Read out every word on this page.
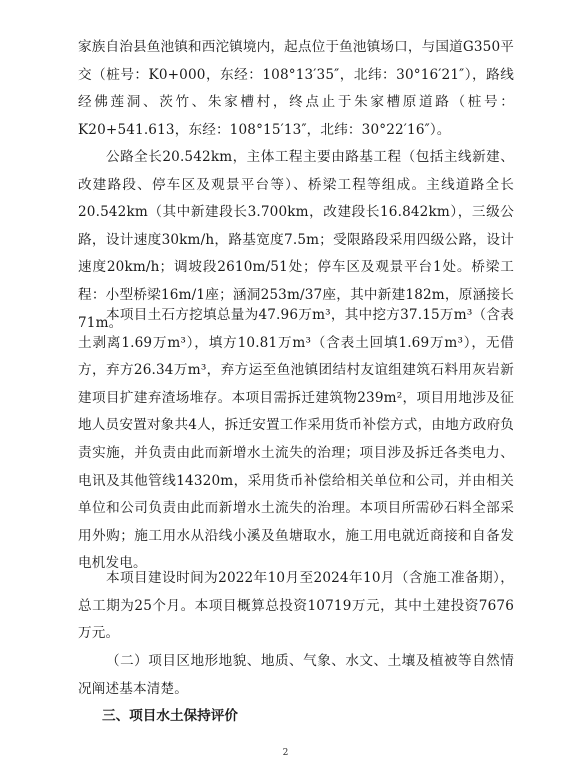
家族自治县鱼池镇和西沱镇境内，起点位于鱼池镇场口，与国道G350平交（桩号：K0+000，东经：108°13′35″，北纬：30°16′21″），路线经佛莲洞、茨竹、朱家槽村，终点止于朱家槽原道路（桩号：K20+541.613，东经：108°15′13″，北纬：30°22′16″）。

公路全长20.542km，主体工程主要由路基工程（包括主线新建、改建路段、停车区及观景平台等）、桥梁工程等组成。主线道路全长20.542km（其中新建段长3.700km，改建段长16.842km），三级公路，设计速度30km/h，路基宽度7.5m；受限路段采用四级公路，设计速度20km/h；调坡段2610m/51处；停车区及观景平台1处。桥梁工程：小型桥梁16m/1座；涵洞253m/37座，其中新建182m，原涵接长71m。

本项目土石方挖填总量为47.96万m³，其中挖方37.15万m³（含表土剥离1.69万m³），填方10.81万m³（含表土回填1.69万m³），无借方，弃方26.34万m³，弃方运至鱼池镇团结村友谊组建筑石料用灰岩新建项目扩建弃渣场堆存。本项目需拆迁建筑物239m²，项目用地涉及征地人员安置对象共4人，拆迁安置工作采用货币补偿方式，由地方政府负责实施，并负责由此而新增水土流失的治理；项目涉及拆迁各类电力、电讯及其他管线14320m，采用货币补偿给相关单位和公司，并由相关单位和公司负责由此而新增水土流失的治理。本项目所需砂石料全部采用外购；施工用水从沿线小溪及鱼塘取水，施工用电就近商接和自备发电机发电。

本项目建设时间为2022年10月至2024年10月（含施工准备期），总工期为25个月。本项目概算总投资10719万元，其中土建投资7676万元。

（二）项目区地形地貌、地质、气象、水文、土壤及植被等自然情况阐述基本清楚。

三、项目水土保持评价

2
